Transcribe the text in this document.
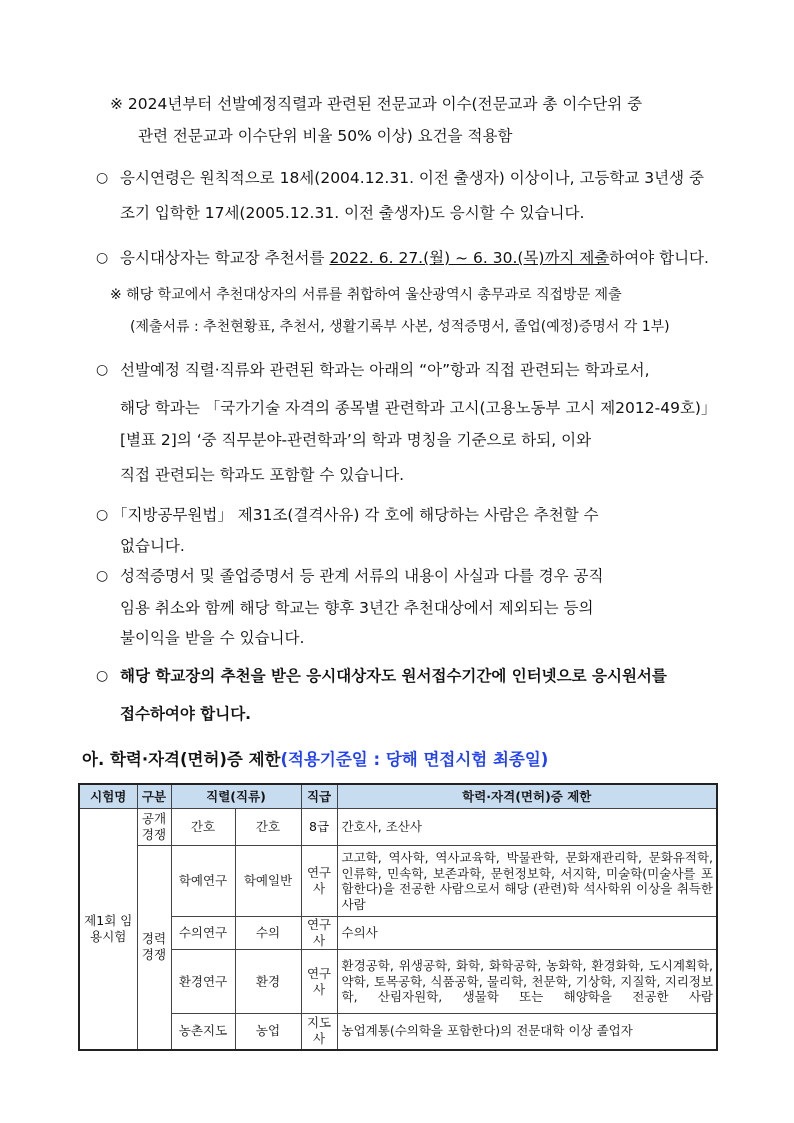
※ 2024년부터 선발예정직렬과 관련된 전문교과 이수(전문교과 총 이수단위 중
관련 전문교과 이수단위 비율 50% 이상) 요건을 적용함
○ 응시연령은 원칙적으로 18세(2004.12.31. 이전 출생자) 이상이나, 고등학교 3년생 중
조기 입학한 17세(2005.12.31. 이전 출생자)도 응시할 수 있습니다.
○ 응시대상자는 학교장 추천서를 2022. 6. 27.(월) ~ 6. 30.(목)까지 제출하여야 합니다.
※ 해당 학교에서 추천대상자의 서류를 취합하여 울산광역시 총무과로 직접방문 제출
(제출서류 : 추천현황표, 추천서, 생활기록부 사본, 성적증명서, 졸업(예정)증명서 각 1부)
○ 선발예정 직렬·직류와 관련된 학과는 아래의 “아”항과 직접 관련되는 학과로서,
해당 학과는 「국가기술 자격의 종목별 관련학과 고시(고용노동부 고시 제2012-49호)」
[별표 2]의 ‘중 직무분야-관련학과’의 학과 명칭을 기준으로 하되, 이와
직접 관련되는 학과도 포함할 수 있습니다.
○ 「지방공무원법」 제31조(결격사유) 각 호에 해당하는 사람은 추천할 수
없습니다.
○ 성적증명서 및 졸업증명서 등 관계 서류의 내용이 사실과 다를 경우 공직
임용 취소와 함께 해당 학교는 향후 3년간 추천대상에서 제외되는 등의
불이익을 받을 수 있습니다.
○ 해당 학교장의 추천을 받은 응시대상자도 원서접수기간에 인터넷으로 응시원서를
접수하여야 합니다.
아. 학력·자격(면허)증 제한(적용기준일 : 당해 면접시험 최종일)
시험명	구분	직렬(직류)		직급	학력·자격(면허)증 제한
제1회 임용시험	공개 경쟁	간호	간호	8급	간호사, 조산사
	경력 경쟁	학예연구	학예일반	연구사	고고학, 역사학, 역사교육학, 박물관학, 문화재관리학, 문화유적학, 인류학, 민속학, 보존과학, 문헌정보학, 서지학, 미술학(미술사를 포함한다)을 전공한 사람으로서 해당 (관련)학 석사학위 이상을 취득한 사람
		수의연구	수의	연구사	수의사
		환경연구	환경	연구사	환경공학, 위생공학, 화학, 화학공학, 농화학, 환경화학, 도시계획학, 약학, 토목공학, 식품공학, 물리학, 천문학, 기상학, 지질학, 지리정보학, 산림자원학, 생물학 또는 해양학을 전공한 사람
		농촌지도	농업	지도사	농업계통(수의학을 포함한다)의 전문대학 이상 졸업자
